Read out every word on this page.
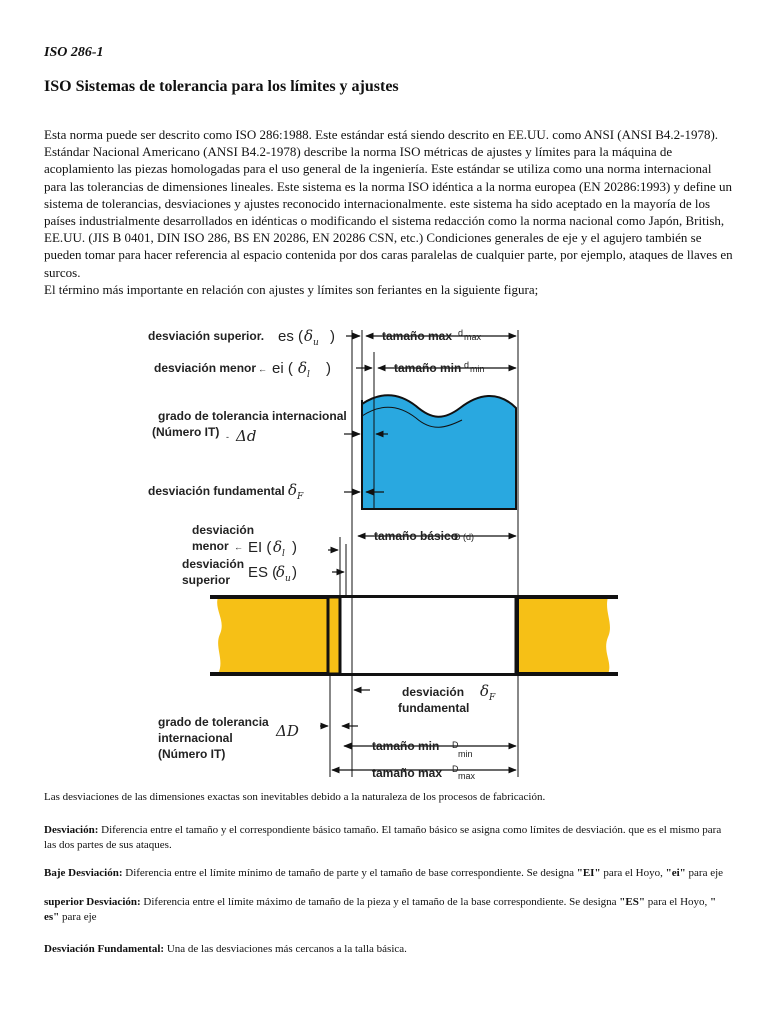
ISO 286-1
ISO Sistemas de tolerancia para los límites y ajustes

Esta norma puede ser descrito como ISO 286:1988. Este estándar está siendo descrito en EE.UU. como ANSI (ANSI B4.2-1978). Estándar Nacional Americano (ANSI B4.2-1978) describe la norma ISO métricas de ajustes y límites para la máquina de acoplamiento las piezas homologadas para el uso general de la ingeniería. Este estándar se utiliza como una norma internacional para las tolerancias de dimensiones lineales. Este sistema es la norma ISO idéntica a la norma europea (EN 20286:1993) y define un sistema de tolerancias, desviaciones y ajustes reconocido internacionalmente. este sistema ha sido aceptado en la mayoría de los países industrialmente desarrollados en idénticas o modificando el sistema redacción como la norma nacional como Japón, British, EE.UU. (JIS B 0401, DIN ISO 286, BS EN 20286, EN 20286 CSN, etc.) Condiciones generales de eje y el agujero también se pueden tomar para hacer referencia al espacio contenida por dos caras paralelas de cualquier parte, por ejemplo, ataques de llaves en surcos.

El término más importante en relación con ajustes y límites son feriantes en la siguiente figura;

desviación superior. es ( δ u )	tamaño max d max
desviación menor ← ei ( δ l )	tamaño min d min
grado de tolerancia internacional
(Número IT) - Δd
desviación fundamental δ F
desviación
menor ← EI ( δ l )
tamaño básico
D (d)
desviación
superior ES (
δ u )
desviación
fundamental
δ F
grado de tolerancia
internacional
(Número IT)
ΔD
tamaño min D
min
tamaño max D
max
Las desviaciones de las dimensiones exactas son inevitables debido a la naturaleza de los procesos de fabricación.
Desviación: Diferencia entre el tamaño y el correspondiente básico tamaño. El tamaño básico se asigna como límites de desviación. que es el mismo para las dos partes de sus ataques.
Baje Desviación: Diferencia entre el límite mínimo de tamaño de parte y el tamaño de base correspondiente. Se designa "EI" para el Hoyo, "ei" para eje
superior Desviación: Diferencia entre el límite máximo de tamaño de la pieza y el tamaño de la base correspondiente. Se designa "ES" para el Hoyo, " es" para eje
Desviación Fundamental: Una de las desviaciones más cercanos a la talla básica.
